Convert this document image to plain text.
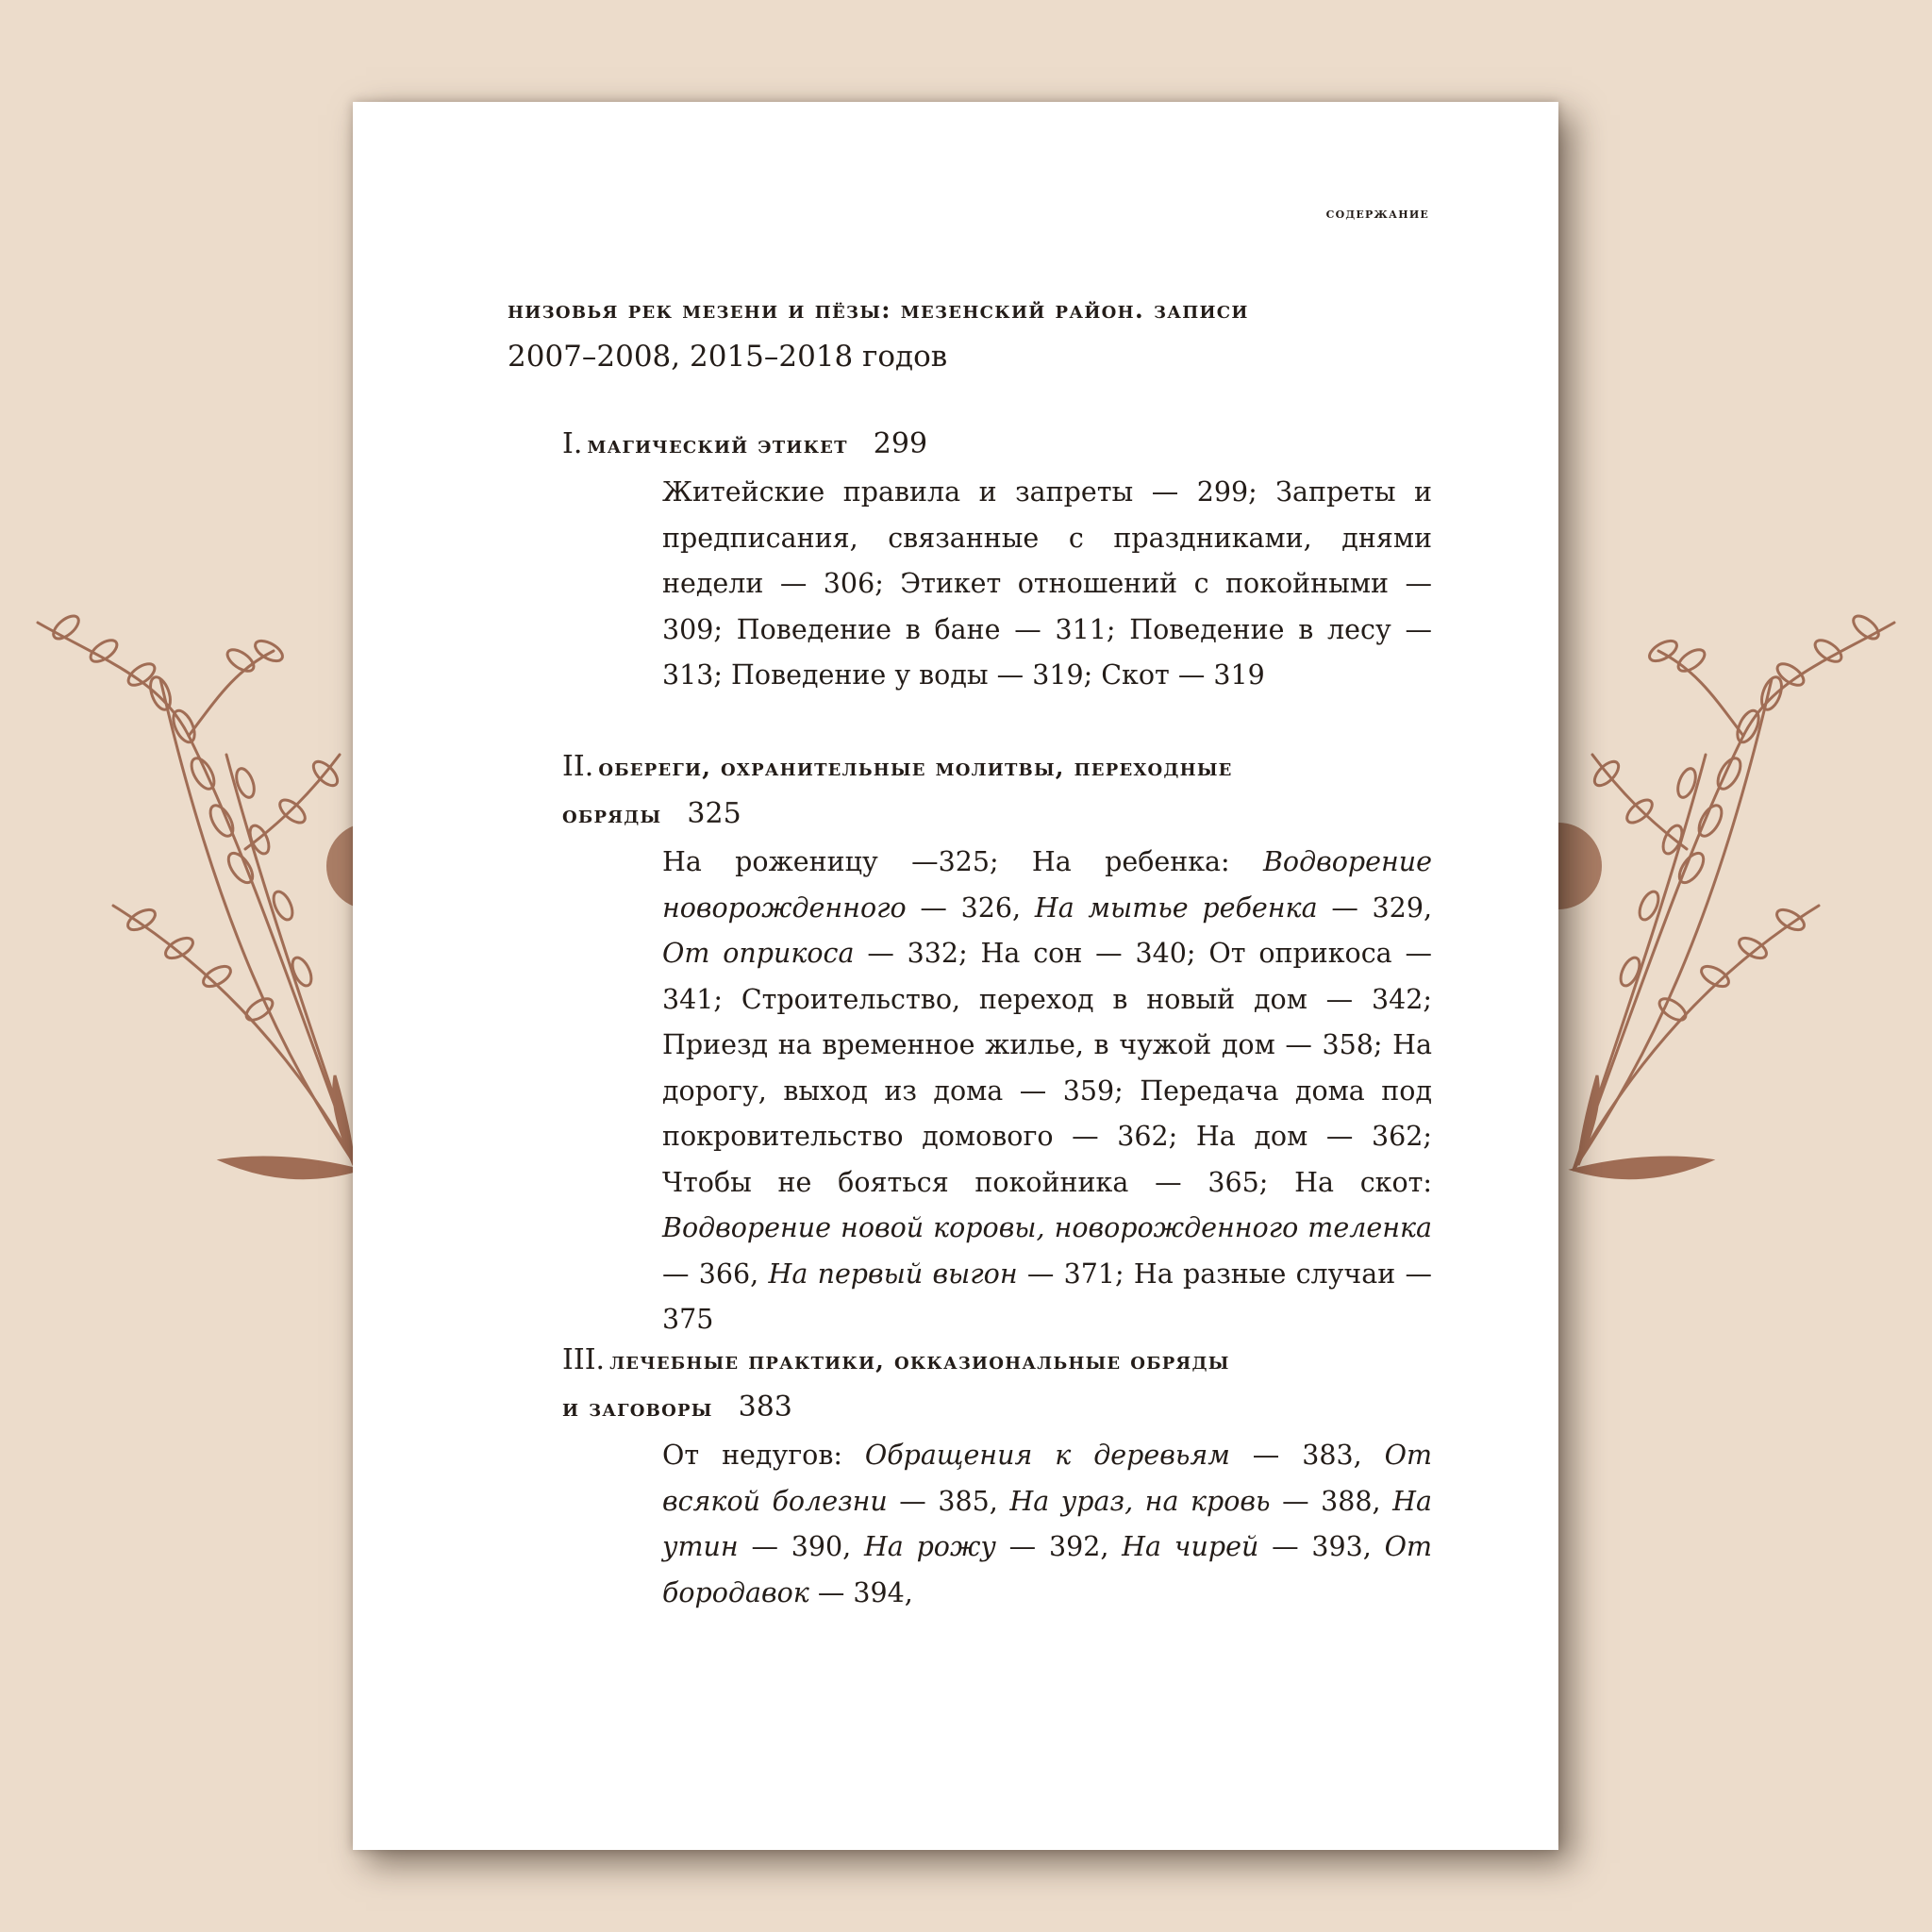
содержание
низовья рек мезени и пёзы: мезенский район. записи
2007–2008, 2015–2018 годов
I. магический этикет 299
Житейские правила и запреты — 299; Запреты и предписания, связанные с праздниками, днями недели — 306; Этикет отношений с покойными — 309; Поведение в бане — 311; Поведение в лесу — 313; Поведение у воды — 319; Скот — 319
II. обереги, охранительные молитвы, переходные
обряды 325
На роженицу —325; На ребенка: Водворение новорожденного — 326, На мытье ребенка — 329, От оприкоса — 332; На сон — 340; От оприкоса — 341; Строительство, переход в новый дом — 342; Приезд на временное жилье, в чужой дом — 358; На дорогу, выход из дома — 359; Передача дома под покровительство домового — 362; На дом — 362; Чтобы не бояться покойника — 365; На скот: Водворение новой коровы, новорожденного теленка — 366, На первый выгон — 371; На разные случаи — 375
III. лечебные практики, окказиональные обряды
и заговоры 383
От недугов: Обращения к деревьям — 383, От всякой болезни — 385, На ураз, на кровь — 388, На утин — 390, На рожу — 392, На чирей — 393, От бородавок — 394,
